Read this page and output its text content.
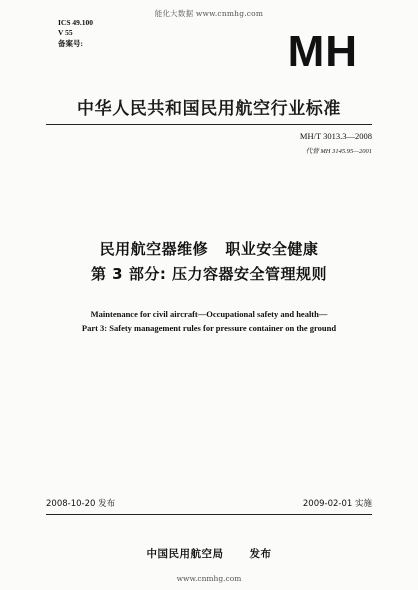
能化大数据 www.cnmhg.com
ICS 49.100
V 55
备案号:	MH
中华人民共和国民用航空行业标准
MH/T 3013.3—2008
代替 MH 3145.95—2001
民用航空器维修   职业安全健康
第 3 部分: 压力容器安全管理规则
Maintenance for civil aircraft—Occupational safety and health—
Part 3: Safety management rules for pressure container on the ground
2008-10-20 发布	2009-02-01 实施
中国民用航空局 发布
www.cnmhg.com
